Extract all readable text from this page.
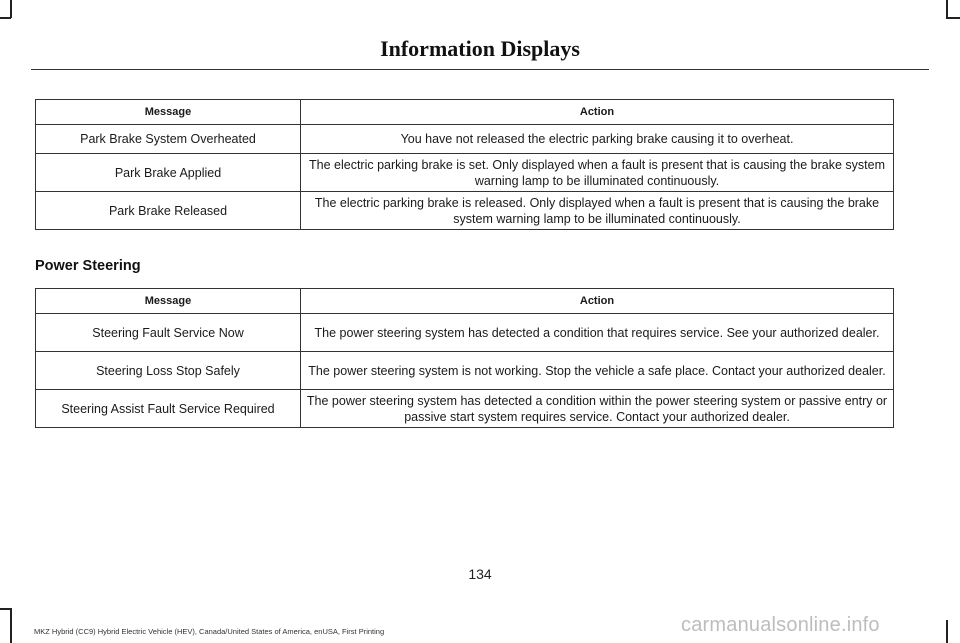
Information Displays
Message	Action
Park Brake System Overheated	You have not released the electric parking brake causing it to overheat.
Park Brake Applied	The electric parking brake is set. Only displayed when a fault is present that is causing the brake system warning lamp to be illuminated continuously.
Park Brake Released	The electric parking brake is released. Only displayed when a fault is present that is causing the brake system warning lamp to be illuminated continuously.
Power Steering
Message	Action
Steering Fault Service Now	The power steering system has detected a condition that requires service. See your authorized dealer.
Steering Loss Stop Safely	The power steering system is not working. Stop the vehicle a safe place. Contact your authorized dealer.
Steering Assist Fault Service Required	The power steering system has detected a condition within the power steering system or passive entry or passive start system requires service. Contact your authorized dealer.
134
MKZ Hybrid (CC9) Hybrid Electric Vehicle (HEV), Canada/United States of America, enUSA, First Printing	carmanualsonline.info
